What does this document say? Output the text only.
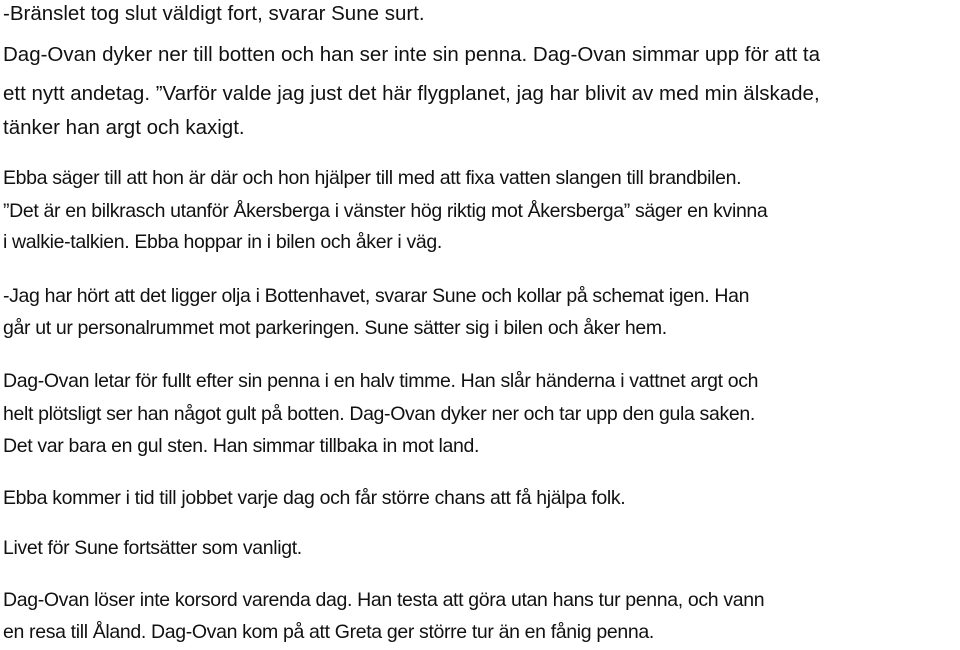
-Bränslet tog slut väldigt fort, svarar Sune surt.
Dag-Ovan dyker ner till botten och han ser inte sin penna. Dag-Ovan simmar upp för att ta
ett nytt andetag. ”Varför valde jag just det här flygplanet, jag har blivit av med min älskade,
tänker han argt och kaxigt.
Ebba säger till att hon är där och hon hjälper till med att fixa vatten slangen till brandbilen.
”Det är en bilkrasch utanför Åkersberga i vänster hög riktig mot Åkersberga” säger en kvinna
i walkie-talkien. Ebba hoppar in i bilen och åker i väg.
-Jag har hört att det ligger olja i Bottenhavet, svarar Sune och kollar på schemat igen. Han
går ut ur personalrummet mot parkeringen. Sune sätter sig i bilen och åker hem.
Dag-Ovan letar för fullt efter sin penna i en halv timme. Han slår händerna i vattnet argt och
helt plötsligt ser han något gult på botten. Dag-Ovan dyker ner och tar upp den gula saken.
Det var bara en gul sten. Han simmar tillbaka in mot land.
Ebba kommer i tid till jobbet varje dag och får större chans att få hjälpa folk.
Livet för Sune fortsätter som vanligt.
Dag-Ovan löser inte korsord varenda dag. Han testa att göra utan hans tur penna, och vann
en resa till Åland. Dag-Ovan kom på att Greta ger större tur än en fånig penna.
